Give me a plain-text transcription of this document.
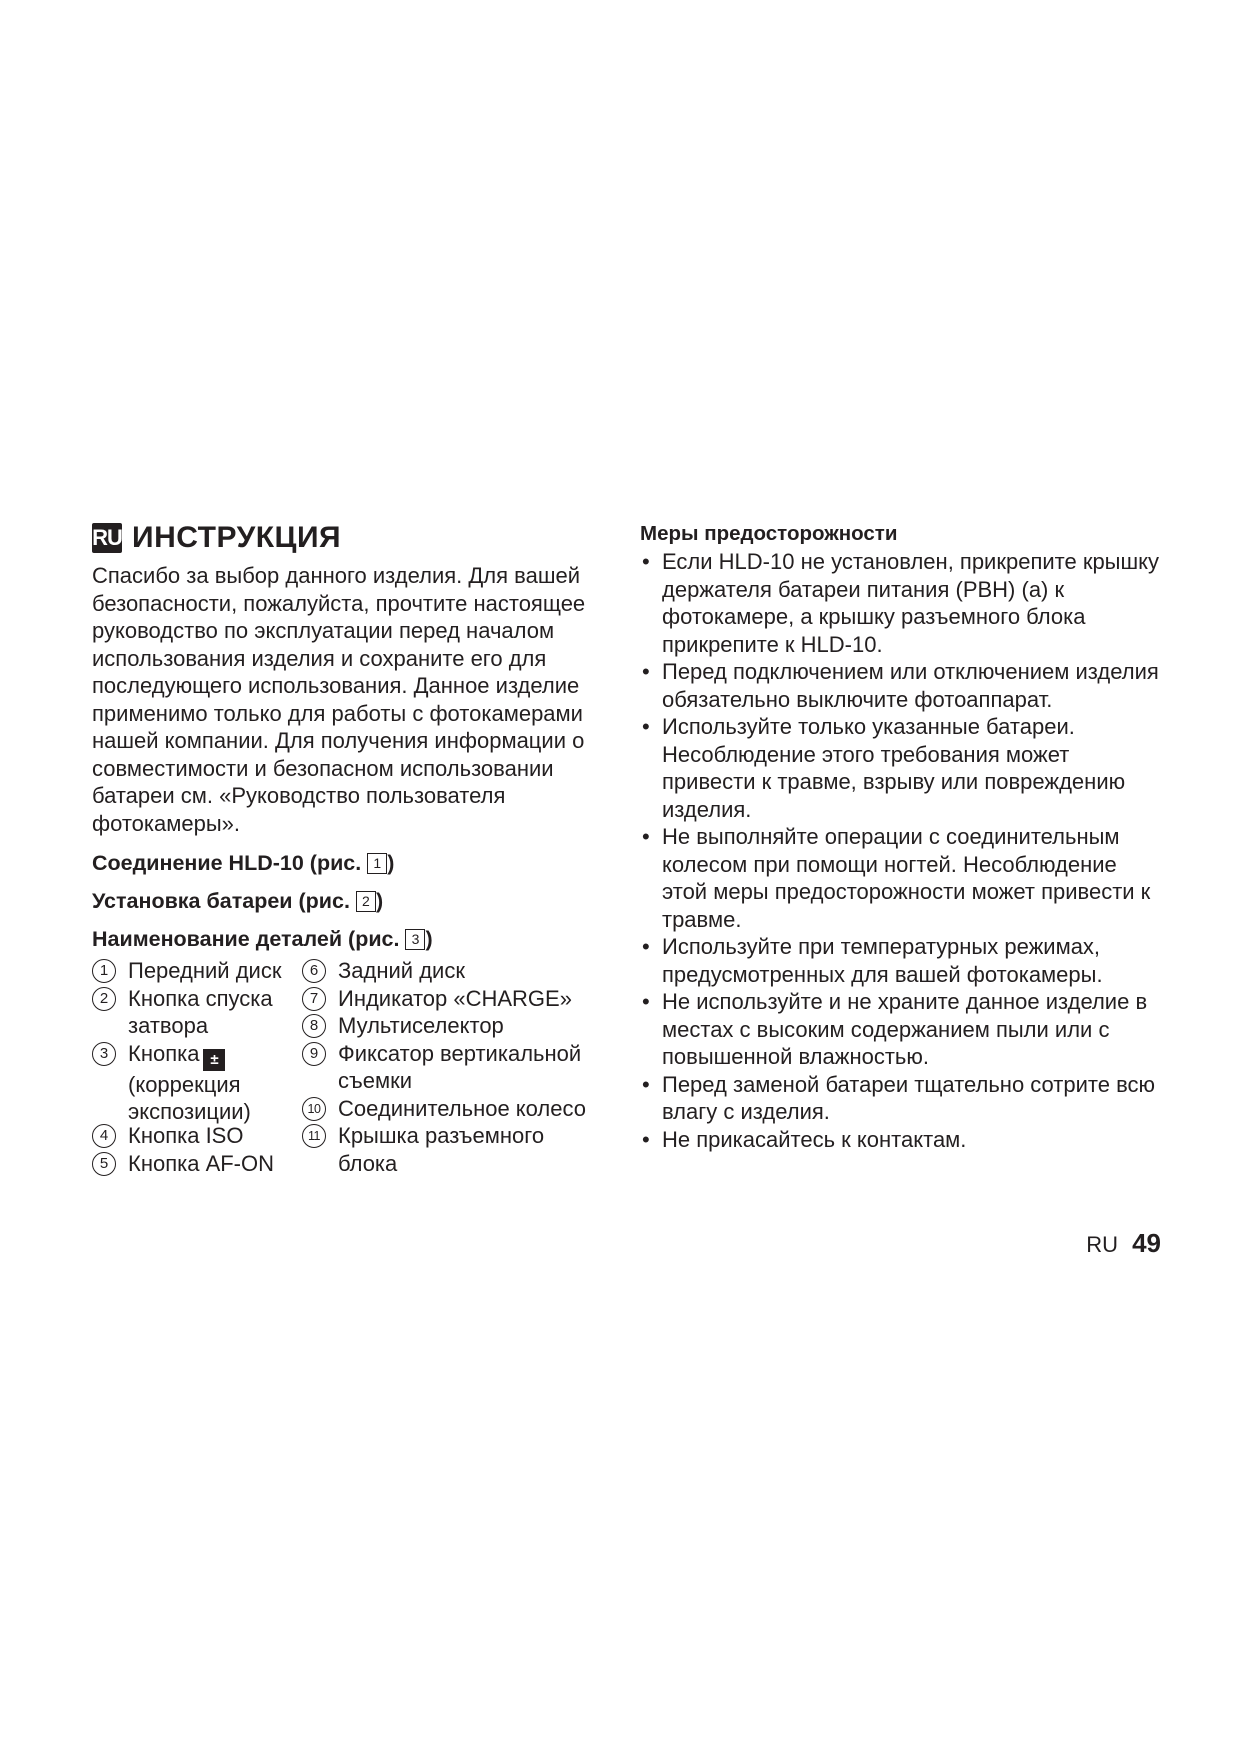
RU ИНСТРУКЦИЯ
Спасибо за выбор данного изделия. Для вашей безопасности, пожалуйста, прочтите настоящее руководство по эксплуатации перед началом использования изделия и сохраните его для последующего использования. Данное изделие применимо только для работы с фотокамерами нашей компании. Для получения информации о совместимости и безопасном использовании батареи см. «Руководство пользователя фотокамеры».
Соединение HLD-10 (рис. 1 )
Установка батареи (рис. 2 )
Наименование деталей (рис. 3 )
1 Передний диск
2 Кнопка спуска затвора
3 Кнопка ±
(коррекция экспозиции)
4 Кнопка ISO
5 Кнопка AF-ON
6 Задний диск
7 Индикатор «CHARGE»
8 Мультиселектор
9 Фиксатор вертикальной съемки
10 Соединительное колесо
11 Крышка разъемного блока
Меры предосторожности
• Если HLD-10 не установлен, прикрепите крышку держателя батареи питания (PBH) (a) к фотокамере, а крышку разъемного блока прикрепите к HLD-10.
• Перед подключением или отключением изделия обязательно выключите фотоаппарат.
• Используйте только указанные батареи. Несоблюдение этого требования может привести к травме, взрыву или повреждению изделия.
• Не выполняйте операции с соединительным колесом при помощи ногтей. Несоблюдение этой меры предосторожности может привести к травме.
• Используйте при температурных режимах, предусмотренных для вашей фотокамеры.
• Не используйте и не храните данное изделие в местах с высоким содержанием пыли или с повышенной влажностью.
• Перед заменой батареи тщательно сотрите всю влагу с изделия.
• Не прикасайтесь к контактам.
RU 49
